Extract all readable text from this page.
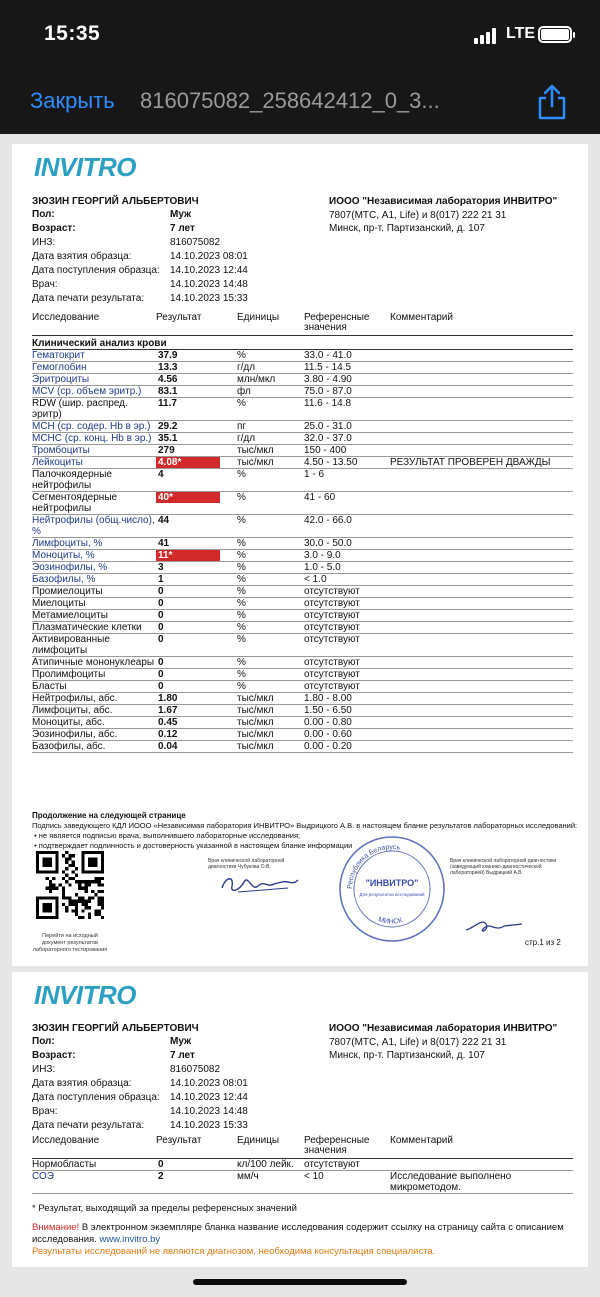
15:35	LTE
Закрыть 816075082_258642412_0_3...
INVITRO
ЗЮЗИН ГЕОРГИЙ АЛЬБЕРТОВИЧ	ИООО "Независимая лаборатория ИНВИТРО"
7807(МТС, А1, Life) и 8(017) 222 21 31
Минск, пр-т. Партизанский, д. 107
Пол:	Муж
Возраст:	7 лет
ИНЗ:	816075082
Дата взятия образца:	14.10.2023 08:01
Дата поступления образца:	14.10.2023 12:44
Врач:	14.10.2023 14:48
Дата печати результата:	14.10.2023 15:33
Исследование	Результат	Единицы	Референсные значения	Комментарий
Клинический анализ крови				
Гематокрит	37.9	%	33.0 - 41.0	
Гемоглобин	13.3	г/дл	11.5 - 14.5	
Эритроциты	4.56	млн/мкл	3.80 - 4.90	
MCV (ср. объем эритр.)	83.1	фл	75.0 - 87.0	
RDW (шир. распред. эритр)	11.7	%	11.6 - 14.8	
MCH (ср. содер. Hb в эр.)	29.2	пг	25.0 - 31.0	
MCHC (ср. конц. Hb в эр.)	35.1	г/дл	32.0 - 37.0	
Тромбоциты	279	тыс/мкл	150 - 400	
Лейкоциты	4.08*	тыс/мкл	4.50 - 13.50	РЕЗУЛЬТАТ ПРОВЕРЕН ДВАЖДЫ
Палочкоядерные нейтрофилы	4	%	1 - 6	
Сегментоядерные нейтрофилы	40*	%	41 - 60	
Нейтрофилы (общ.число), %	44	%	42.0 - 66.0	
Лимфоциты, %	41	%	30.0 - 50.0	
Моноциты, %	11*	%	3.0 - 9.0	
Эозинофилы, %	3	%	1.0 - 5.0	
Базофилы, %	1	%	< 1.0	
Промиелоциты	0	%	отсутствуют	
Миелоциты	0	%	отсутствуют	
Метамиелоциты	0	%	отсутствуют	
Плазматические клетки	0	%	отсутствуют	
Активированные лимфоциты	0	%	отсутствуют	
Атипичные мононуклеары	0	%	отсутствуют	
Пролимфоциты	0	%	отсутствуют	
Бласты	0	%	отсутствуют	
Нейтрофилы, абс.	1.80	тыс/мкл	1.80 - 8.00	
Лимфоциты, абс.	1.67	тыс/мкл	1.50 - 6.50	
Моноциты, абс.	0.45	тыс/мкл	0.00 - 0.80	
Эозинофилы, абс.	0.12	тыс/мкл	0.00 - 0.60	
Базофилы, абс.	0.04	тыс/мкл	0.00 - 0.20	
Продолжение на следующей странице
Подпись заведующего КДЛ ИООО «Независимая лаборатория ИНВИТРО» Выдрицкого А.В. в настоящем бланке результатов лабораторных исследований:
• не является подписью врача, выполнившего лабораторные исследования;
• подтверждает подлинность и достоверность указанной в настоящем бланке информации
Перейти на исходный документ результатов лабораторного тестирования
Врач клинической лабораторной диагностики Чубукова О.В.
Республика Беларусь
"ИНВИТРО"
Для результатов исследований
МИНСК
Врач клинической лабораторной диагностики (заведующий клинико-диагностической лабораторией) Выдрицкий А.В.
стр.1 из 2
INVITRO
ЗЮЗИН ГЕОРГИЙ АЛЬБЕРТОВИЧ	ИООО "Независимая лаборатория ИНВИТРО"
7807(МТС, А1, Life) и 8(017) 222 21 31
Минск, пр-т. Партизанский, д. 107
Пол:	Муж
Возраст:	7 лет
ИНЗ:	816075082
Дата взятия образца:	14.10.2023 08:01
Дата поступления образца:	14.10.2023 12:44
Врач:	14.10.2023 14:48
Дата печати результата:	14.10.2023 15:33
Исследование	Результат	Единицы	Референсные значения	Комментарий
Нормобласты	0	кл/100 лейк.	отсутствуют	
СОЭ	2	мм/ч	< 10	Исследование выполнено микрометодом.
* Результат, выходящий за пределы референсных значений
Внимание! В электронном экземпляре бланка название исследования содержит ссылку на страницу сайта с описанием исследования. www.invitro.by
Результаты исследований не являются диагнозом, необходима консультация специалиста.
